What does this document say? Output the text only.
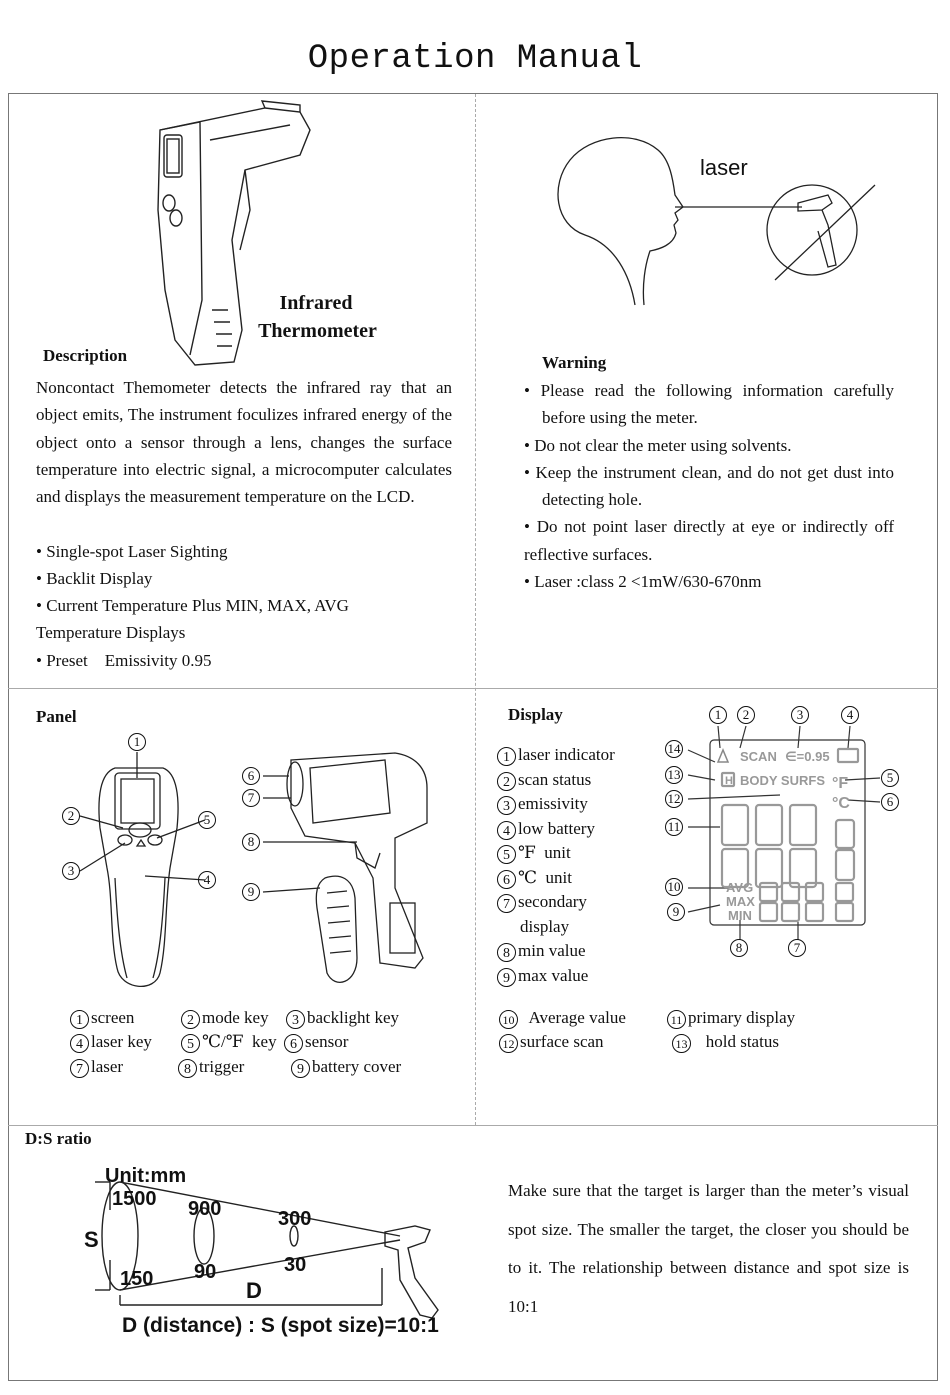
Operation Manual
Infrared
Thermometer
Description
Noncontact Themometer detects the infrared ray that an object emits, The instrument foculizes infrared energy of the object onto a sensor through a lens, changes the surface temperature into electric signal, a microcomputer calculates and displays the measurement temperature on the LCD.
• Single-spot Laser Sighting
• Backlit Display
• Current Temperature Plus MIN, MAX, AVG Temperature Displays
• Preset    Emissivity 0.95
laser
Warning
• Please read the following information carefully before using the meter.
• Do not clear the meter using solvents.
• Keep the instrument clean, and do not get dust into detecting hole.
• Do not point laser directly at eye or indirectly off reflective surfaces.
• Laser :class 2 <1mW/630-670nm
Panel
1
2
3
4
5
6
7
8
9
1 screen	2 mode key	3 backlight key
4 laser key	5 ℃/℉  key 6 sensor
7 laser	8 trigger	9 battery cover
Display
1 laser indicator
2 scan status
3 emissivity
4 low battery
5 ℉  unit
6 ℃  unit
7 secondary
display
8 min value
9 max value
SCAN ∈=0.95
H BODY SURFS °F
°C
AVG
MAX
MIN
1	2	3	4
5
6
7
8
9
10
11
12
13
14
10 Average value	11 primary display
12 surface scan	13 hold status
D:S ratio
Unit:mm
1500 900	300
S
150 90	30
D
D (distance) : S (spot size)=10:1
Make sure that the target is larger than the meter’s visual spot size. The smaller the target, the closer you should be to it. The relationship between distance and spot size is 10:1
